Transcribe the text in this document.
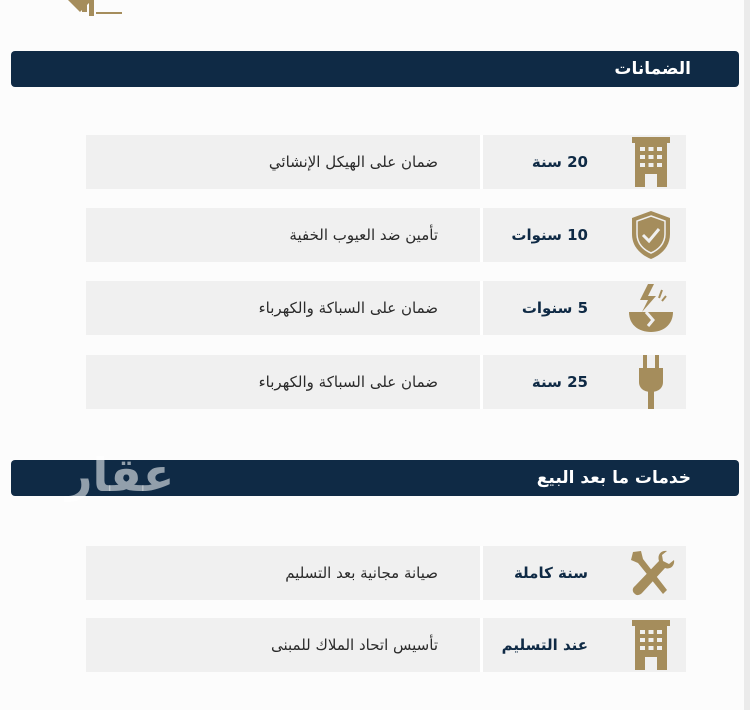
الضمانات
ضمان على الهيكل الإنشائي	20 سنة
تأمين ضد العيوب الخفية	10 سنوات
ضمان على السباكة والكهرباء	5 سنوات
ضمان على السباكة والكهرباء	25 سنة
خدمات ما بعد البيع
عقار
صيانة مجانية بعد التسليم	سنة كاملة
تأسيس اتحاد الملاك للمبنى	عند التسليم
